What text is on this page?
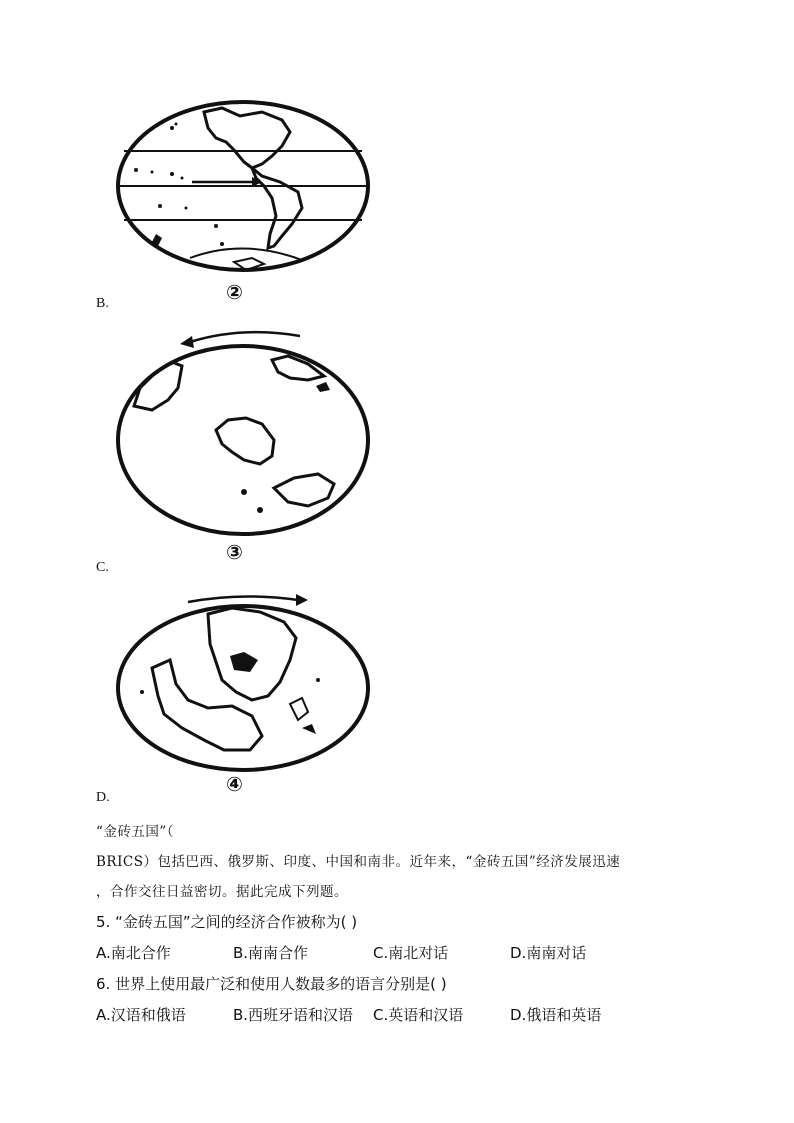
②
B.
③
C.
④
D.
“金砖五国”（
BRICS）包括巴西、俄罗斯、印度、中国和南非。近年来，“金砖五国”经济发展迅速
，合作交往日益密切。据此完成下列题。
5. “金砖五国”之间的经济合作被称为( )
A.南北合作	B.南南合作	C.南北对话	D.南南对话
6. 世界上使用最广泛和使用人数最多的语言分别是( )
A.汉语和俄语	B.西班牙语和汉语 C.英语和汉语	D.俄语和英语
